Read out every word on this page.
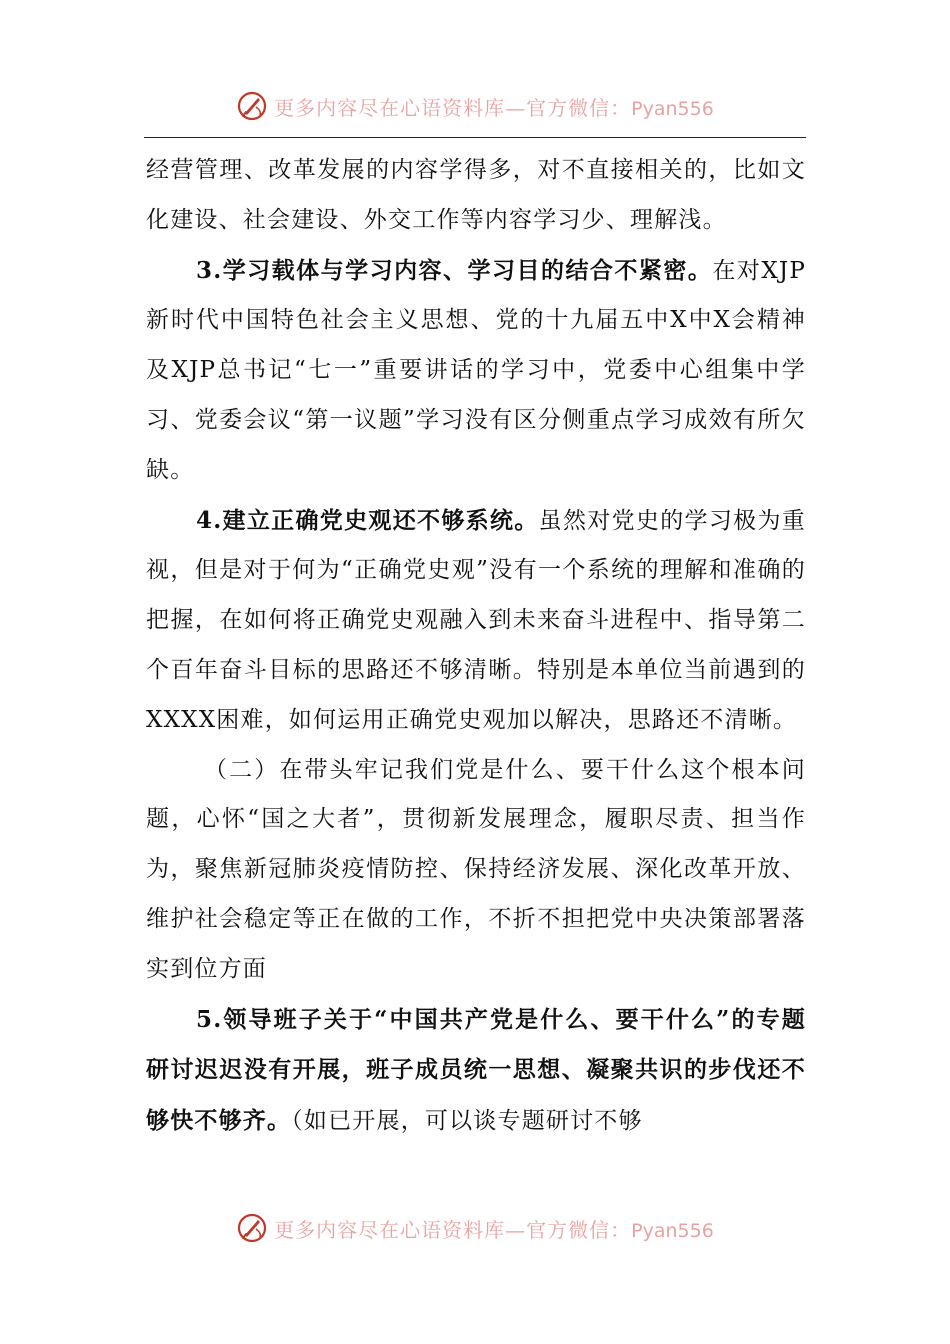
更多内容尽在心语资料库—官方微信：Pyan556

经营管理、改革发展的内容学得多，对不直接相关的，比如文化建设、社会建设、外交工作等内容学习少、理解浅。

3.学习载体与学习内容、学习目的结合不紧密。在对XJP新时代中国特色社会主义思想、党的十九届五中X中X会精神及XJP总书记“七一”重要讲话的学习中，党委中心组集中学习、党委会议“第一议题”学习没有区分侧重点学习成效有所欠缺。

4.建立正确党史观还不够系统。虽然对党史的学习极为重视，但是对于何为“正确党史观”没有一个系统的理解和准确的把握，在如何将正确党史观融入到未来奋斗进程中、指导第二个百年奋斗目标的思路还不够清晰。特别是本单位当前遇到的XXXX困难，如何运用正确党史观加以解决，思路还不清晰。

（二）在带头牢记我们党是什么、要干什么这个根本问题，心怀“国之大者”，贯彻新发展理念，履职尽责、担当作为，聚焦新冠肺炎疫情防控、保持经济发展、深化改革开放、维护社会稳定等正在做的工作，不折不担把党中央决策部署落实到位方面

5.领导班子关于“中国共产党是什么、要干什么”的专题研讨迟迟没有开展，班子成员统一思想、凝聚共识的步伐还不够快不够齐。（如已开展，可以谈专题研讨不够

更多内容尽在心语资料库—官方微信：Pyan556
